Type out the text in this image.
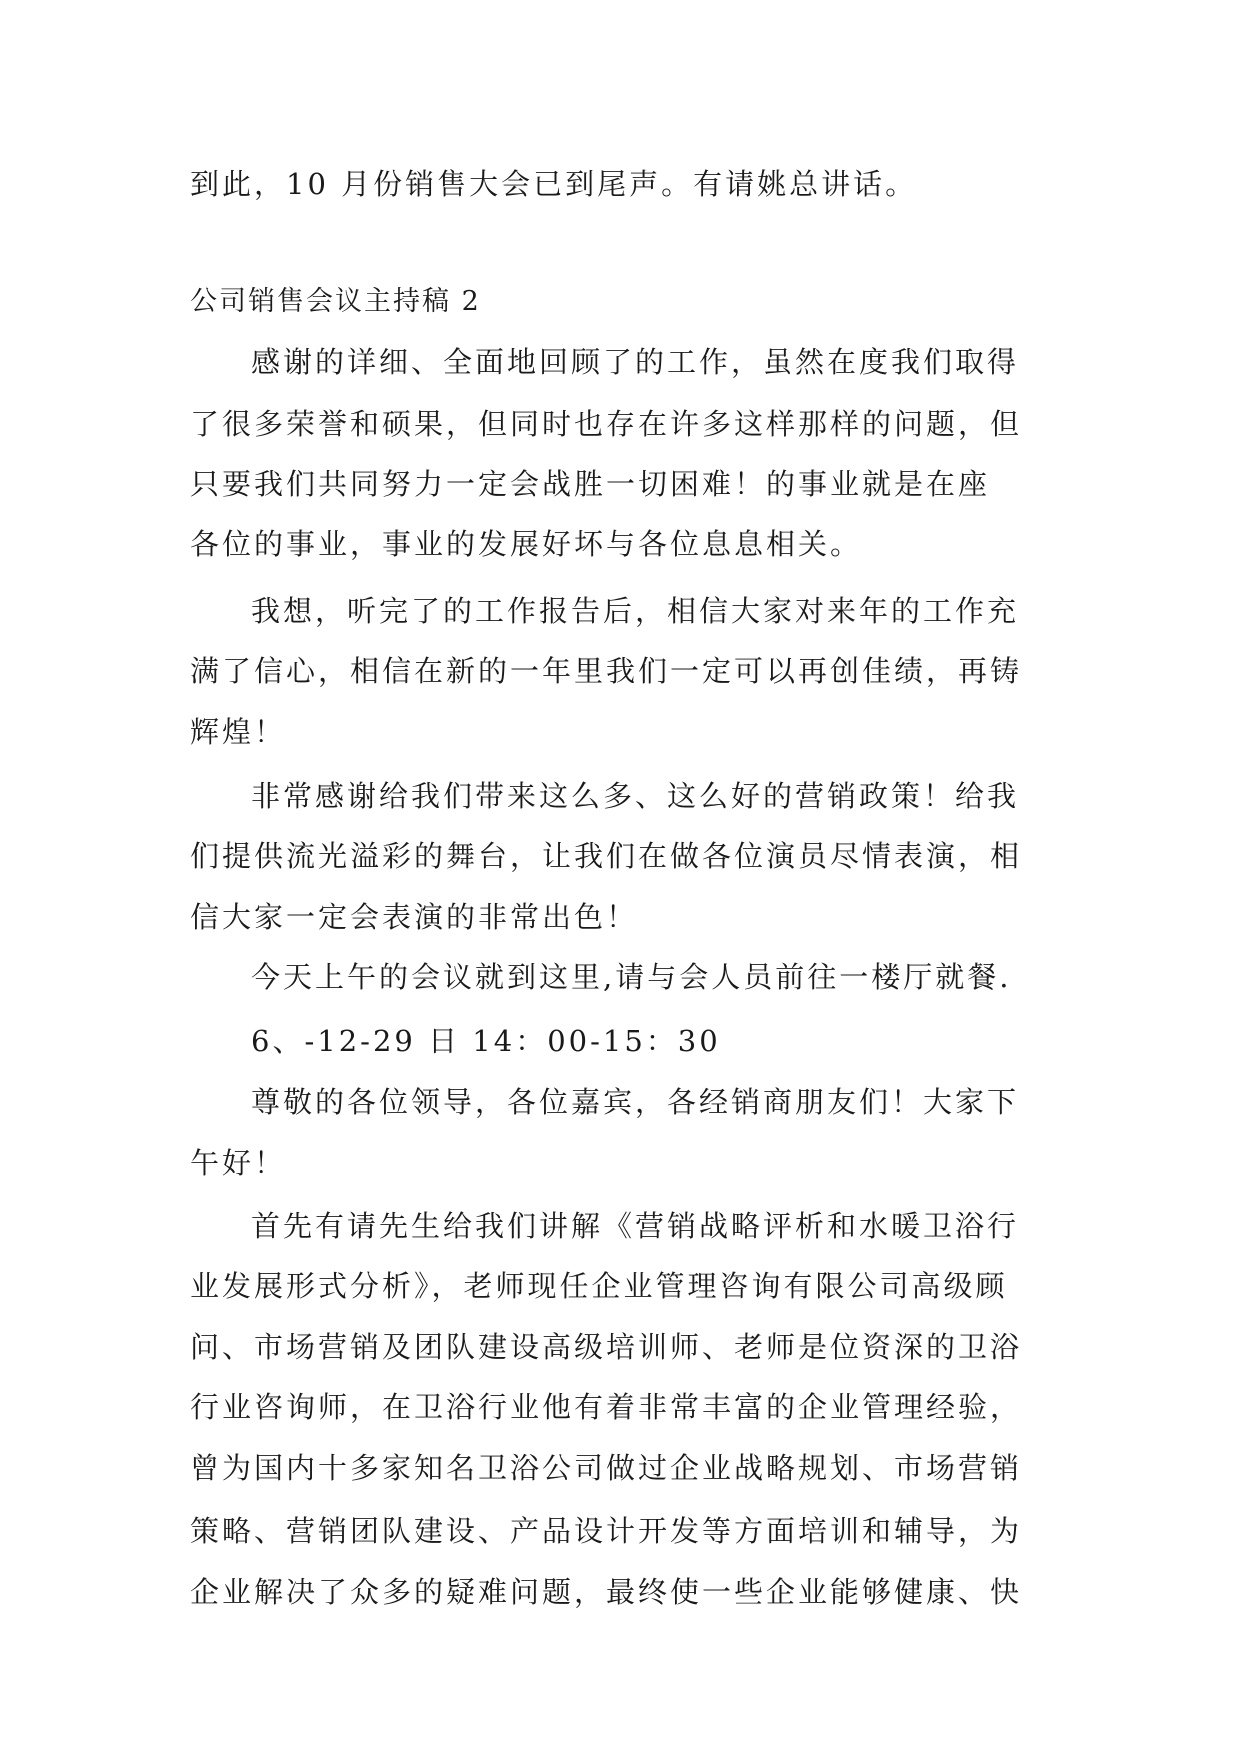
到此，10 月份销售大会已到尾声。有请姚总讲话。
公司销售会议主持稿 2
感谢的详细、全面地回顾了的工作，虽然在度我们取得
了很多荣誉和硕果，但同时也存在许多这样那样的问题，但
只要我们共同努力一定会战胜一切困难！的事业就是在座
各位的事业，事业的发展好坏与各位息息相关。
我想，听完了的工作报告后，相信大家对来年的工作充
满了信心，相信在新的一年里我们一定可以再创佳绩，再铸
辉煌！
非常感谢给我们带来这么多、这么好的营销政策！给我
们提供流光溢彩的舞台，让我们在做各位演员尽情表演，相
信大家一定会表演的非常出色！
今天上午的会议就到这里,请与会人员前往一楼厅就餐.
6、-12-29 日 14：00-15：30
尊敬的各位领导，各位嘉宾，各经销商朋友们！大家下
午好！
首先有请先生给我们讲解《营销战略评析和水暖卫浴行
业发展形式分析》，老师现任企业管理咨询有限公司高级顾
问、市场营销及团队建设高级培训师、老师是位资深的卫浴
行业咨询师，在卫浴行业他有着非常丰富的企业管理经验，
曾为国内十多家知名卫浴公司做过企业战略规划、市场营销
策略、营销团队建设、产品设计开发等方面培训和辅导，为
企业解决了众多的疑难问题，最终使一些企业能够健康、快
